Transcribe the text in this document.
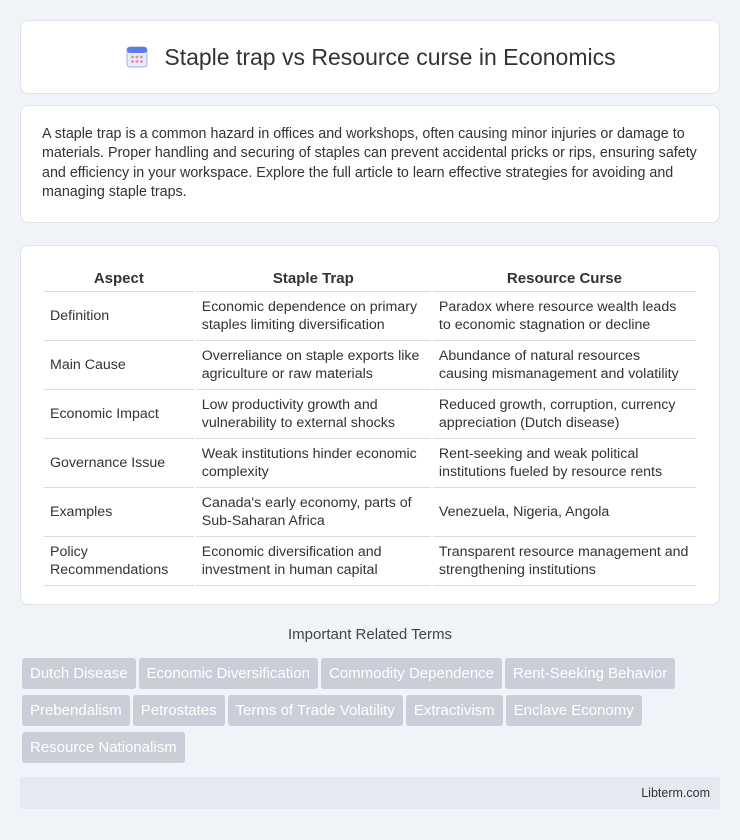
Staple trap vs Resource curse in Economics

A staple trap is a common hazard in offices and workshops, often causing minor injuries or damage to materials. Proper handling and securing of staples can prevent accidental pricks or rips, ensuring safety and efficiency in your workspace. Explore the full article to learn effective strategies for avoiding and managing staple traps.

Aspect	Staple Trap	Resource Curse
Definition	Economic dependence on primary staples limiting diversification	Paradox where resource wealth leads to economic stagnation or decline
Main Cause	Overreliance on staple exports like agriculture or raw materials	Abundance of natural resources causing mismanagement and volatility
Economic Impact	Low productivity growth and vulnerability to external shocks	Reduced growth, corruption, currency appreciation (Dutch disease)
Governance Issue	Weak institutions hinder economic complexity	Rent-seeking and weak political institutions fueled by resource rents
Examples	Canada's early economy, parts of Sub-Saharan Africa	Venezuela, Nigeria, Angola
Policy Recommendations	Economic diversification and investment in human capital	Transparent resource management and strengthening institutions
Important Related Terms
Dutch Disease Economic Diversification Commodity Dependence Rent-Seeking Behavior
Prebendalism Petrostates Terms of Trade Volatility Extractivism Enclave Economy
Resource Nationalism
Libterm.com
